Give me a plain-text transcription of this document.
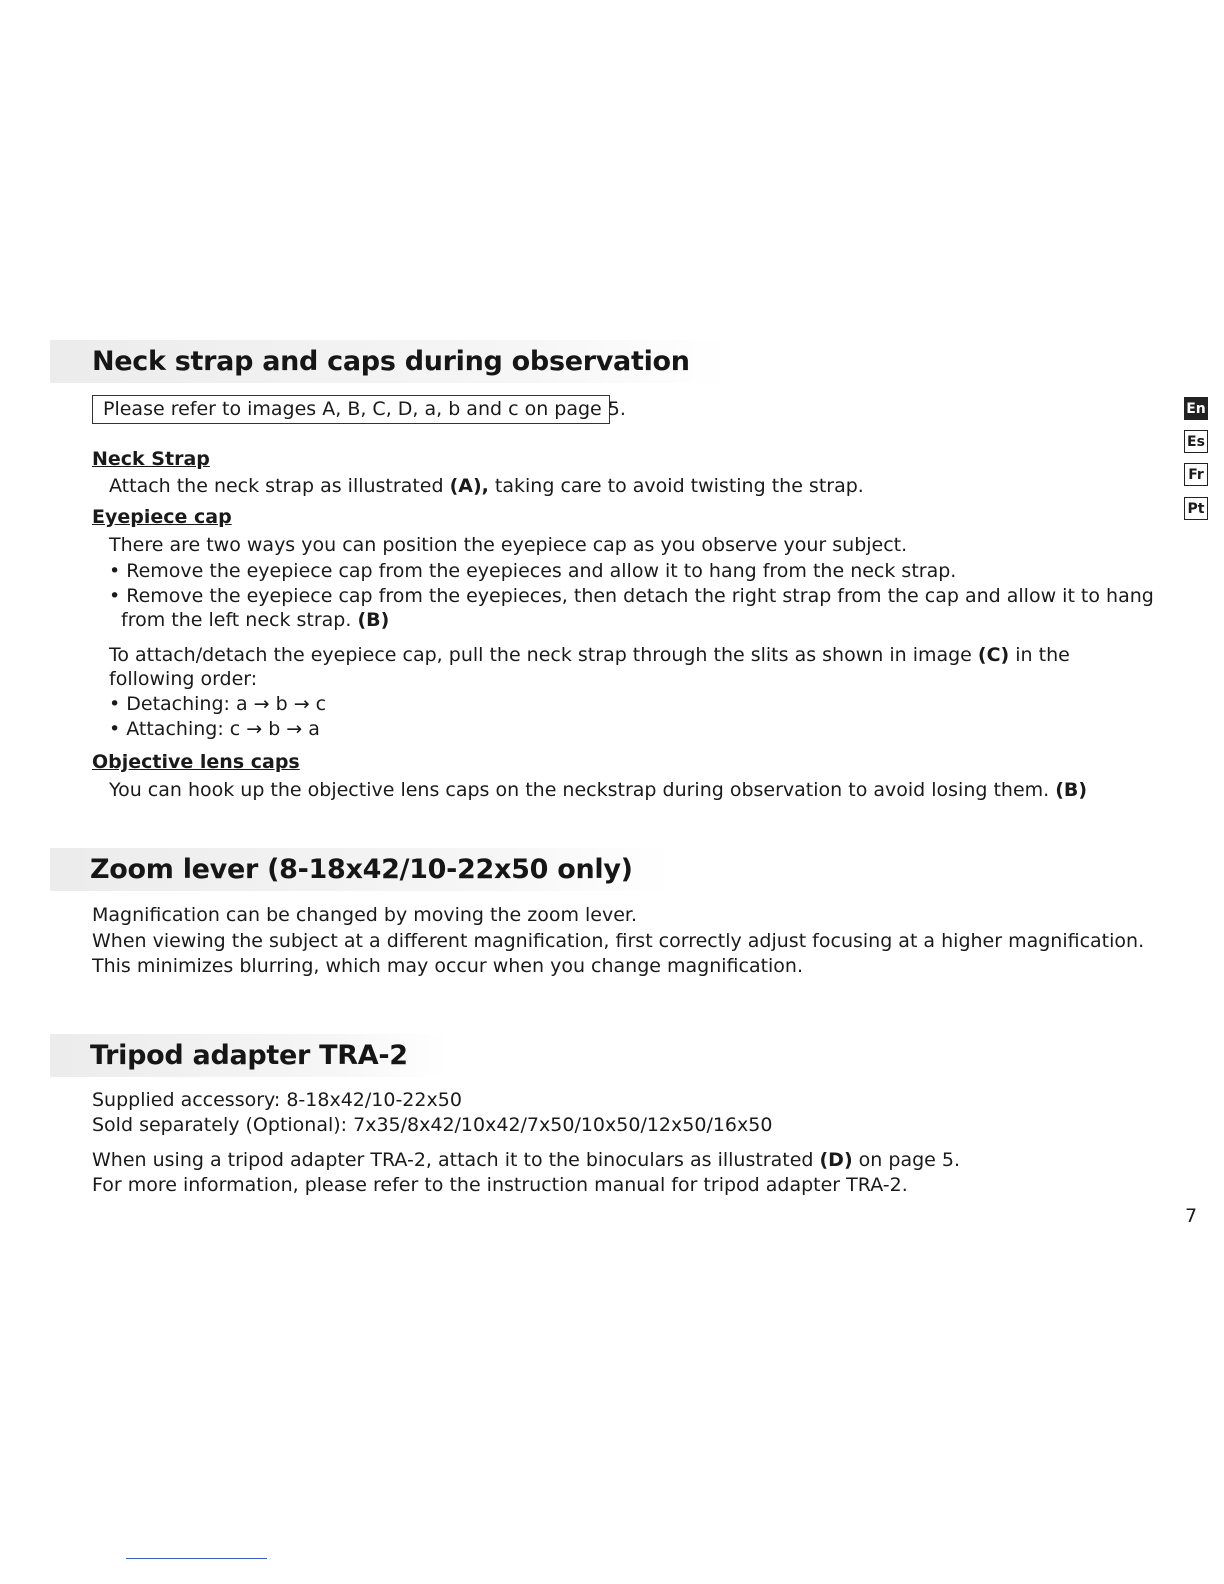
Neck strap and caps during observation
Please refer to images A, B, C, D, a, b and c on page 5.
Neck Strap
Attach the neck strap as illustrated (A), taking care to avoid twisting the strap.
Eyepiece cap
There are two ways you can position the eyepiece cap as you observe your subject.
• Remove the eyepiece cap from the eyepieces and allow it to hang from the neck strap.
• Remove the eyepiece cap from the eyepieces, then detach the right strap from the cap and allow it to hang
from the left neck strap. (B)
To attach/detach the eyepiece cap, pull the neck strap through the slits as shown in image (C) in the
following order:
• Detaching: a → b → c
• Attaching: c → b → a
Objective lens caps
You can hook up the objective lens caps on the neckstrap during observation to avoid losing them. (B)
Zoom lever (8-18x42/10-22x50 only)
Magnification can be changed by moving the zoom lever.
When viewing the subject at a different magnification, first correctly adjust focusing at a higher magnification.
This minimizes blurring, which may occur when you change magnification.
Tripod adapter TRA-2
Supplied accessory: 8-18x42/10-22x50
Sold separately (Optional): 7x35/8x42/10x42/7x50/10x50/12x50/16x50
When using a tripod adapter TRA-2, attach it to the binoculars as illustrated (D) on page 5.
For more information, please refer to the instruction manual for tripod adapter TRA-2.
En
Es
Fr
Pt
7
